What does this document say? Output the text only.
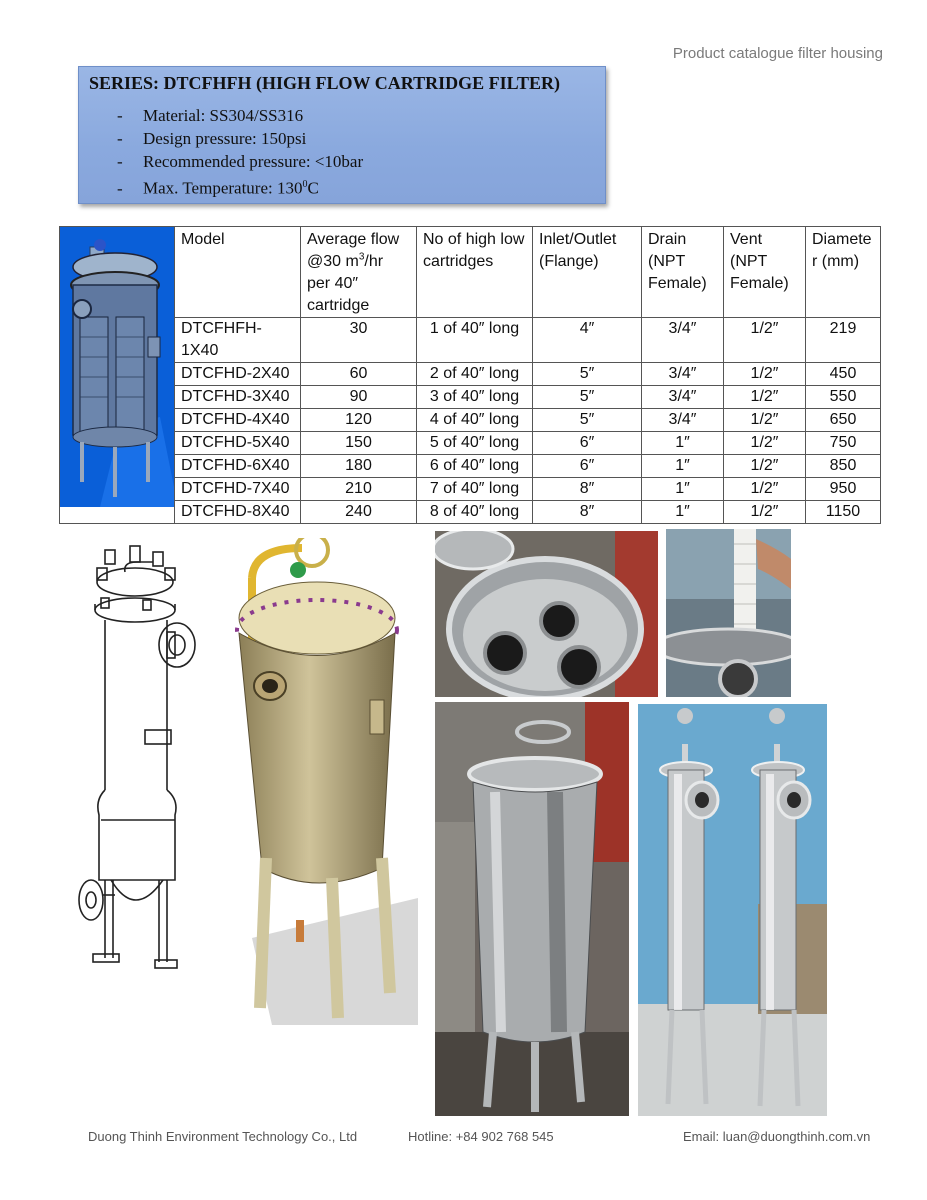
Product catalogue filter housing
SERIES: DTCFHFH (HIGH FLOW CARTRIDGE FILTER)
- Material: SS304/SS316
- Design pressure: 150psi
- Recommended pressure: <10bar
- Max. Temperature: $130^0C$
	Model	Average flow @30 $m^3/hr$ per 40″ cartridge	No of high low cartridges	Inlet/Outlet (Flange)	Drain (NPT Female)	Vent (NPT Female)	Diameter (mm)
	DTCFHFH-1X40	30	1 of 40″ long	4″	3/4″	1/2″	219
	DTCFHD-2X40	60	2 of 40″ long	5″	3/4″	1/2″	450
	DTCFHD-3X40	90	3 of 40″ long	5″	3/4″	1/2″	550
	DTCFHD-4X40	120	4 of 40″ long	5″	3/4″	1/2″	650
	DTCFHD-5X40	150	5 of 40″ long	6″	1″	1/2″	750
	DTCFHD-6X40	180	6 of 40″ long	6″	1″	1/2″	850
	DTCFHD-7X40	210	7 of 40″ long	8″	1″	1/2″	950
	DTCFHD-8X40	240	8 of 40″ long	8″	1″	1/2″	1150
Duong Thinh Environment Technology Co., Ltd	Hotline: +84 902 768 545	Email: luan@duongthinh.com.vn
